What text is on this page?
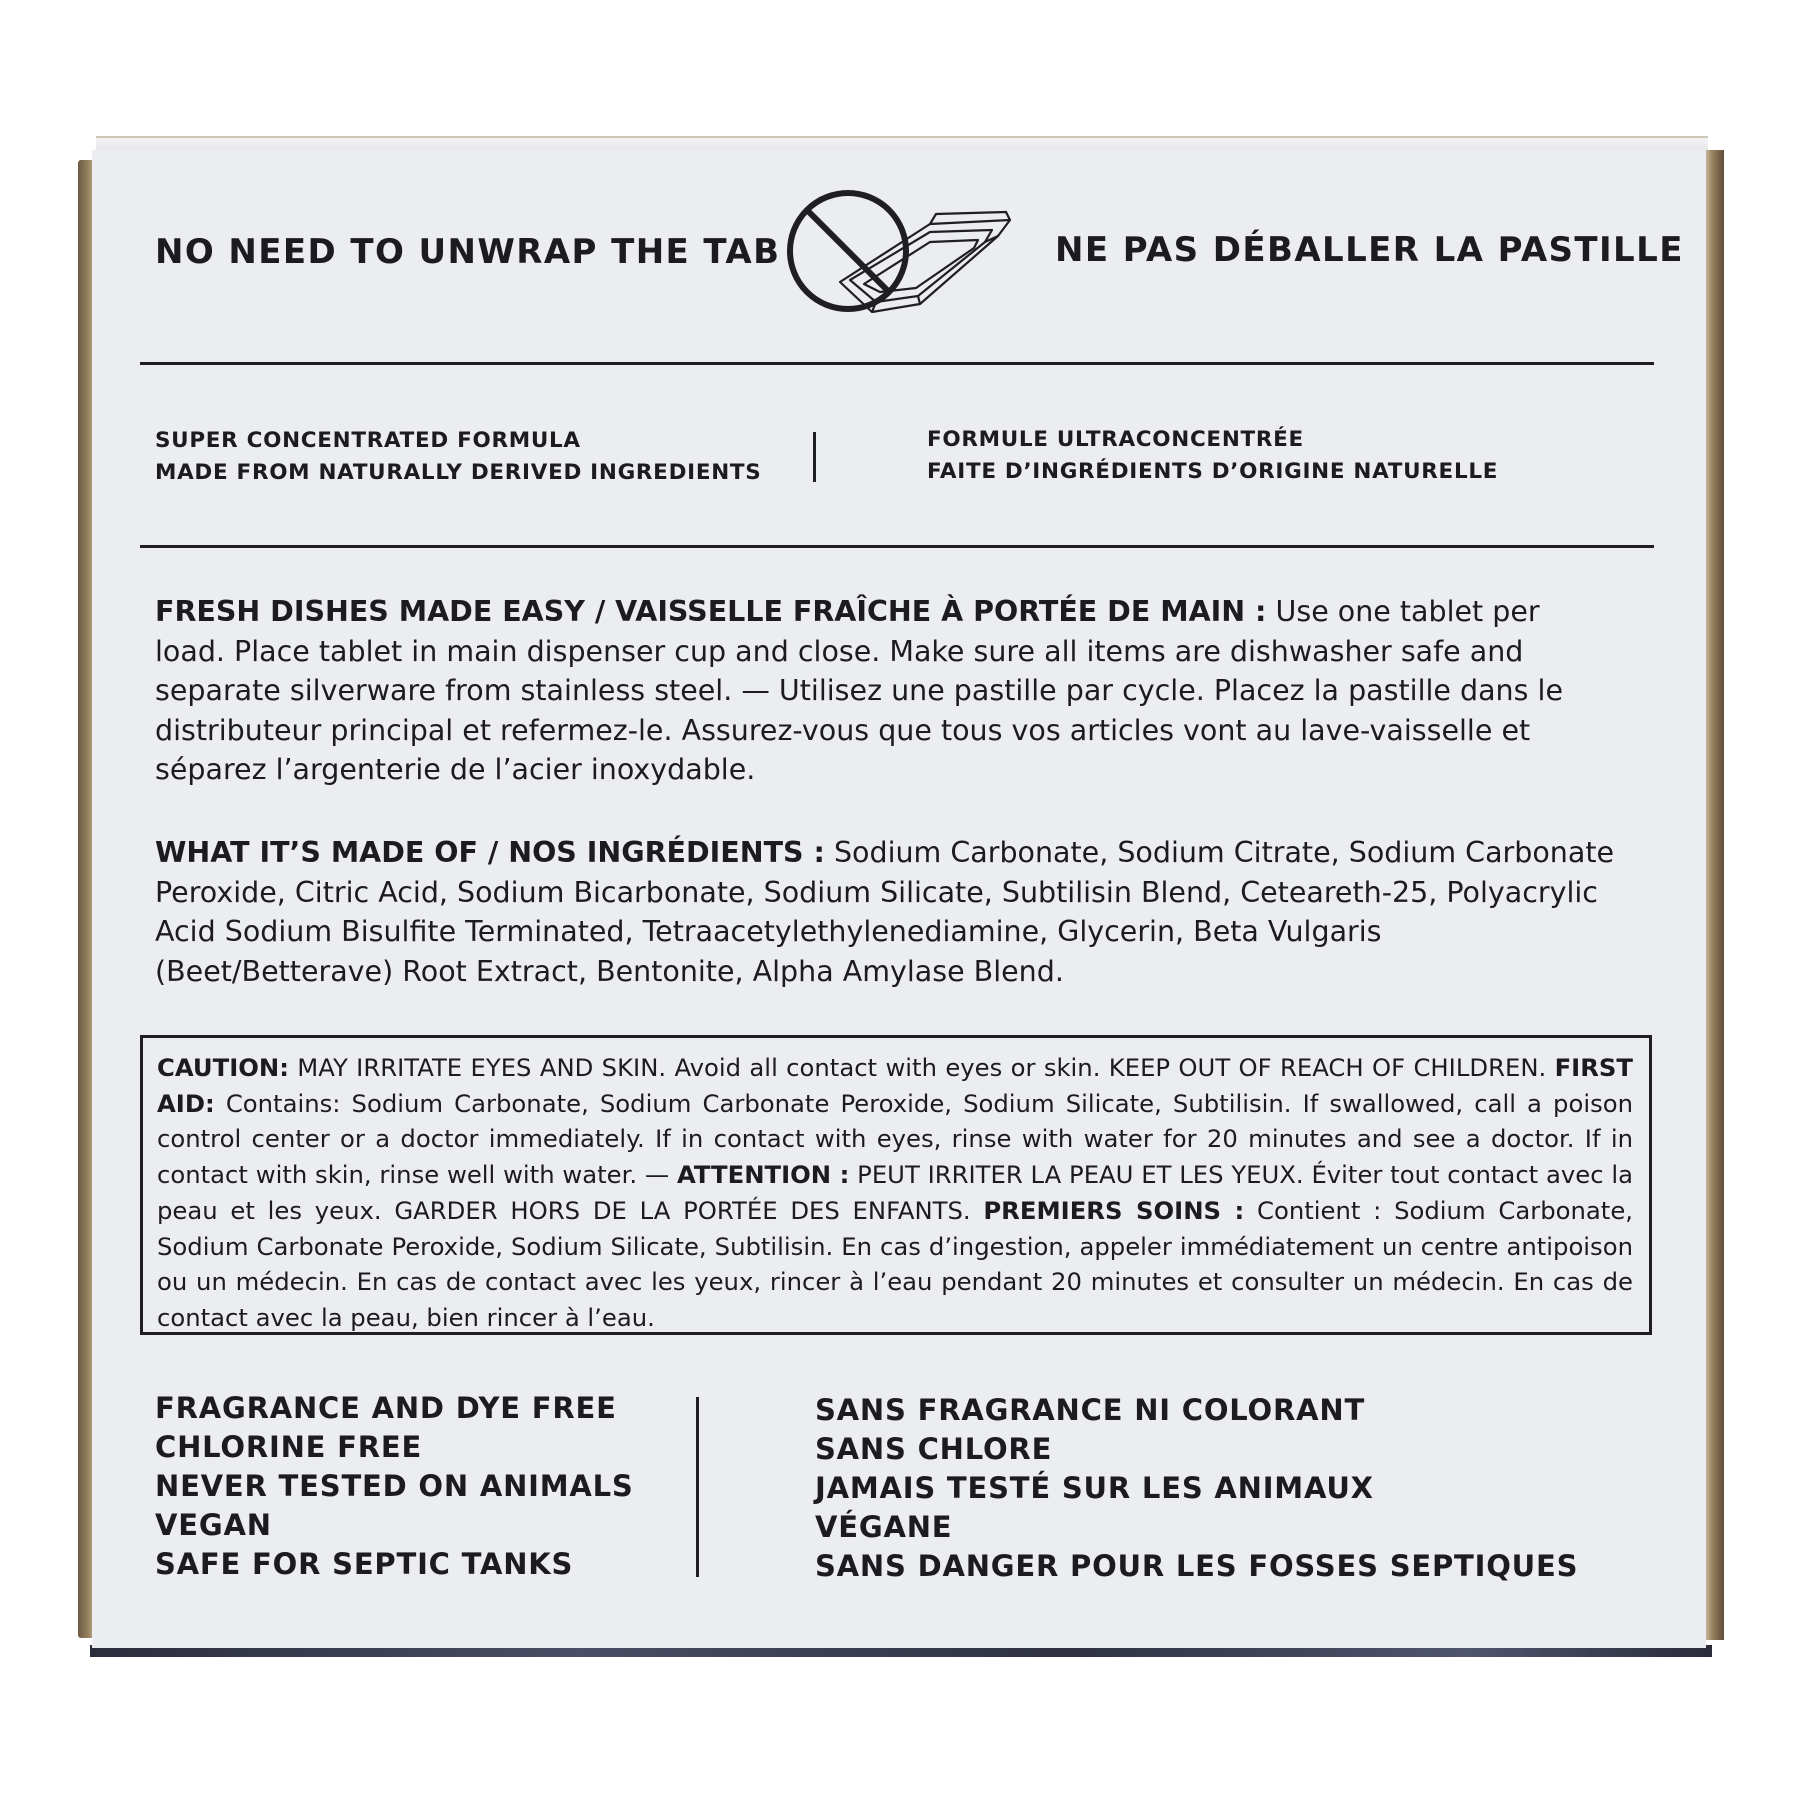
NO NEED TO UNWRAP THE TAB	NE PAS DÉBALLER LA PASTILLE
SUPER CONCENTRATED FORMULA
MADE FROM NATURALLY DERIVED INGREDIENTS
FORMULE ULTRACONCENTRÉE
FAITE D’INGRÉDIENTS D’ORIGINE NATURELLE
FRESH DISHES MADE EASY / VAISSELLE FRAÎCHE À PORTÉE DE MAIN : Use one tablet per load. Place tablet in main dispenser cup and close. Make sure all items are dishwasher safe and separate silverware from stainless steel. — Utilisez une pastille par cycle. Placez la pastille dans le distributeur principal et refermez-le. Assurez-vous que tous vos articles vont au lave-vaisselle et séparez l’argenterie de l’acier inoxydable.
WHAT IT’S MADE OF / NOS INGRÉDIENTS : Sodium Carbonate, Sodium Citrate, Sodium Carbonate Peroxide, Citric Acid, Sodium Bicarbonate, Sodium Silicate, Subtilisin Blend, Ceteareth-25, Polyacrylic Acid Sodium Bisulfite Terminated, Tetraacetylethylenediamine, Glycerin, Beta Vulgaris (Beet/Betterave) Root Extract, Bentonite, Alpha Amylase Blend.
CAUTION: MAY IRRITATE EYES AND SKIN. Avoid all contact with eyes or skin. KEEP OUT OF REACH OF CHILDREN. FIRST AID: Contains: Sodium Carbonate, Sodium Carbonate Peroxide, Sodium Silicate, Subtilisin. If swallowed, call a poison control center or a doctor immediately. If in contact with eyes, rinse with water for 20 minutes and see a doctor. If in contact with skin, rinse well with water. — ATTENTION : PEUT IRRITER LA PEAU ET LES YEUX. Éviter tout contact avec la peau et les yeux. GARDER HORS DE LA PORTÉE DES ENFANTS. PREMIERS SOINS : Contient : Sodium Carbonate, Sodium Carbonate Peroxide, Sodium Silicate, Subtilisin. En cas d’ingestion, appeler immédiatement un centre antipoison ou un médecin. En cas de contact avec les yeux, rincer à l’eau pendant 20 minutes et consulter un médecin. En cas de contact avec la peau, bien rincer à l’eau.
FRAGRANCE AND DYE FREE
CHLORINE FREE
NEVER TESTED ON ANIMALS
VEGAN
SAFE FOR SEPTIC TANKS
SANS FRAGRANCE NI COLORANT
SANS CHLORE
JAMAIS TESTÉ SUR LES ANIMAUX
VÉGANE
SANS DANGER POUR LES FOSSES SEPTIQUES
